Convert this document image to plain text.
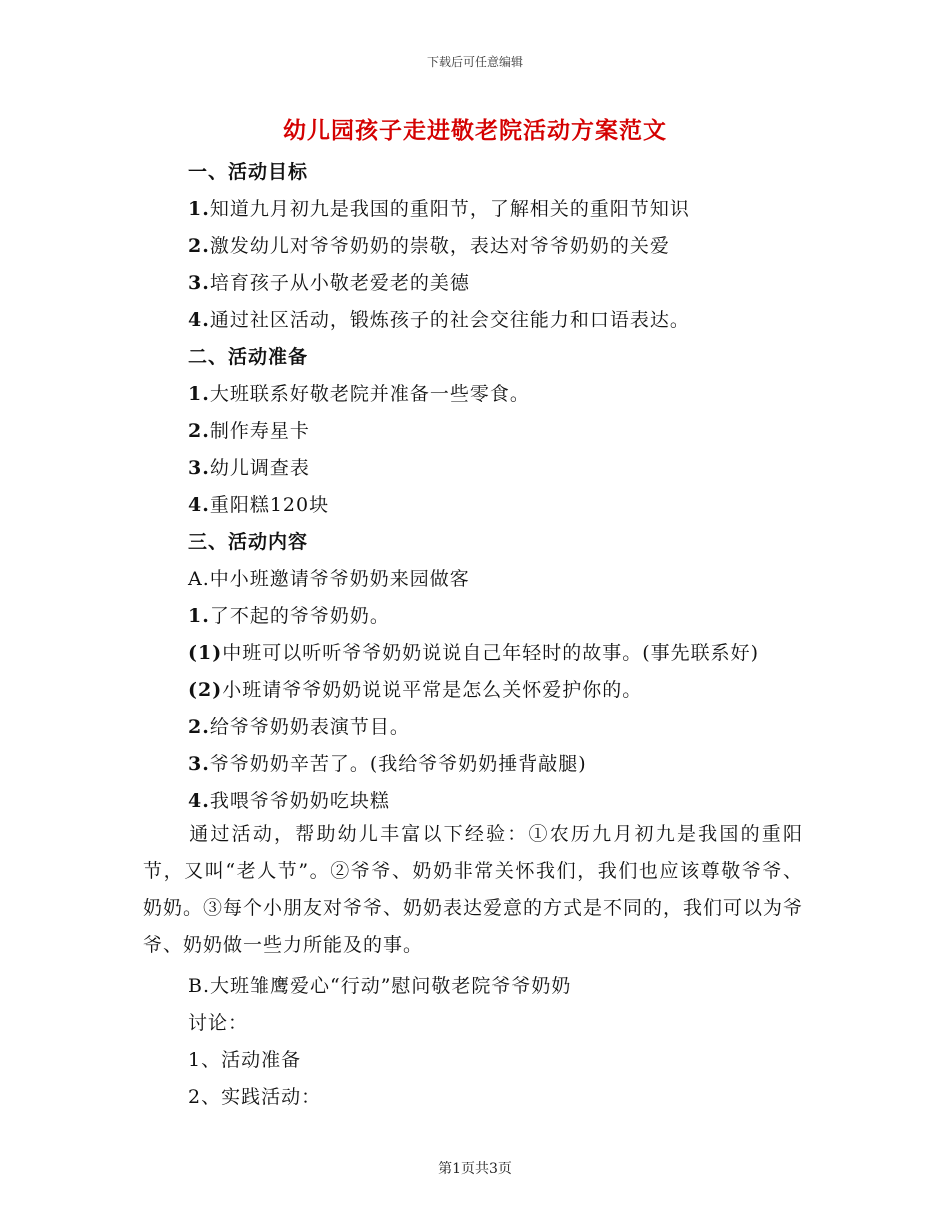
下载后可任意编辑
幼儿园孩子走进敬老院活动方案范文
一、活动目标
1.知道九月初九是我国的重阳节，了解相关的重阳节知识
2.激发幼儿对爷爷奶奶的崇敬，表达对爷爷奶奶的关爱
3.培育孩子从小敬老爱老的美德
4.通过社区活动，锻炼孩子的社会交往能力和口语表达。
二、活动准备
1.大班联系好敬老院并准备一些零食。
2.制作寿星卡
3.幼儿调查表
4.重阳糕120块
三、活动内容
A.中小班邀请爷爷奶奶来园做客
1.了不起的爷爷奶奶。
(1)中班可以听听爷爷奶奶说说自己年轻时的故事。(事先联系好)
(2)小班请爷爷奶奶说说平常是怎么关怀爱护你的。
2.给爷爷奶奶表演节目。
3.爷爷奶奶辛苦了。(我给爷爷奶奶捶背敲腿)
4.我喂爷爷奶奶吃块糕
通过活动，帮助幼儿丰富以下经验：①农历九月初九是我国的重阳节，又叫“老人节”。②爷爷、奶奶非常关怀我们，我们也应该尊敬爷爷、奶奶。③每个小朋友对爷爷、奶奶表达爱意的方式是不同的，我们可以为爷爷、奶奶做一些力所能及的事。
B.大班雏鹰爱心“行动”慰问敬老院爷爷奶奶
讨论：
1、活动准备
2、实践活动：
第1页共3页
